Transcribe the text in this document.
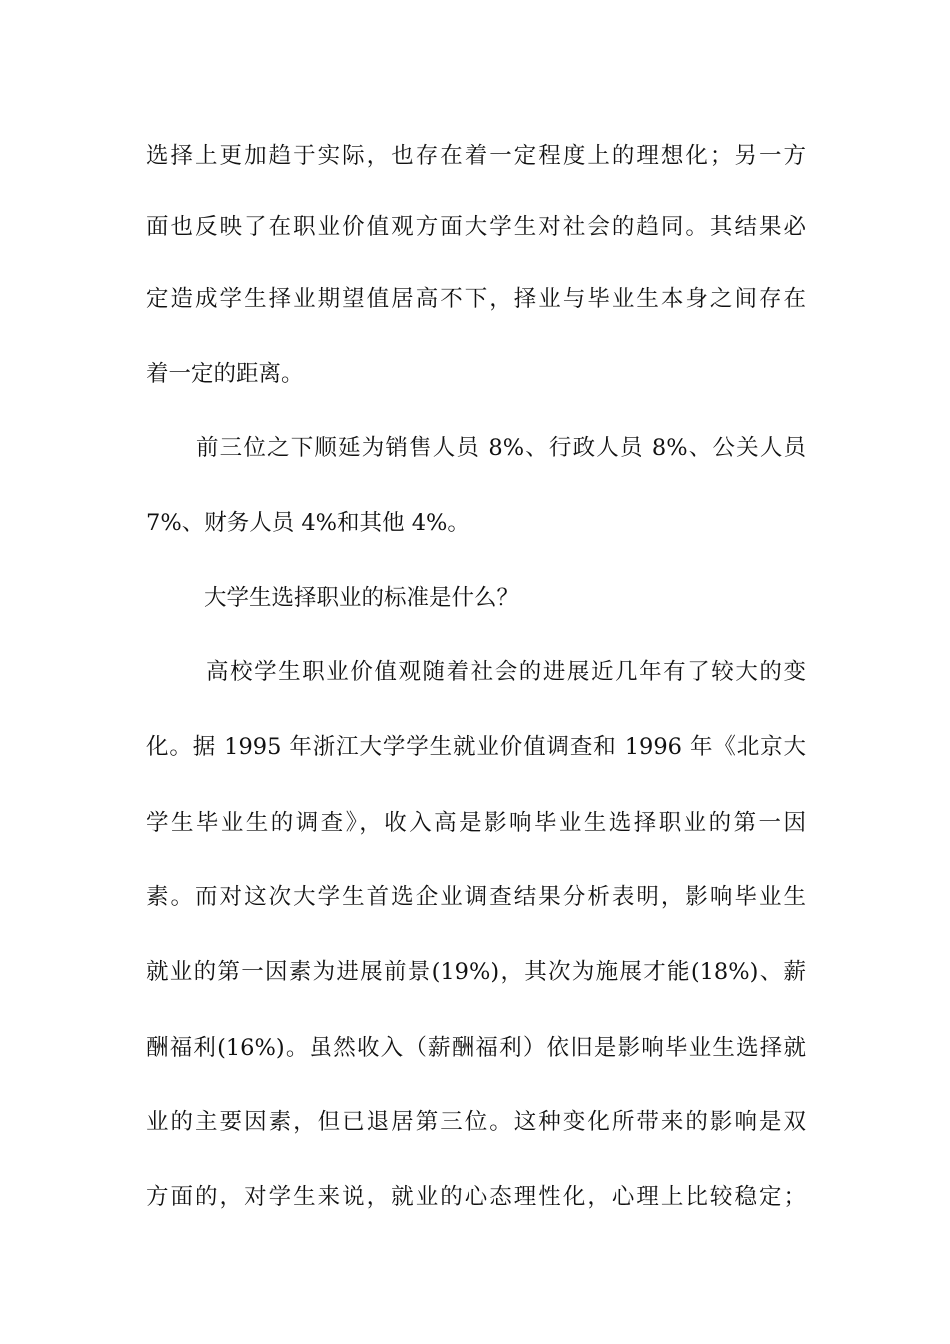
选择上更加趋于实际，也存在着一定程度上的理想化；另一方
面也反映了在职业价值观方面大学生对社会的趋同。其结果必
定造成学生择业期望值居高不下，择业与毕业生本身之间存在
着一定的距离。
前三位之下顺延为销售人员 8%、行政人员 8%、公关人员
7%、财务人员 4%和其他 4%。
大学生选择职业的标准是什么？
高校学生职业价值观随着社会的进展近几年有了较大的变
化。据 1995 年浙江大学学生就业价值调查和 1996 年《北京大
学生毕业生的调查》，收入高是影响毕业生选择职业的第一因
素。而对这次大学生首选企业调查结果分析表明，影响毕业生
就业的第一因素为进展前景(19%)，其次为施展才能(18%)、薪
酬福利(16%)。虽然收入（薪酬福利）依旧是影响毕业生选择就
业的主要因素，但已退居第三位。这种变化所带来的影响是双
方面的，对学生来说，就业的心态理性化，心理上比较稳定；
